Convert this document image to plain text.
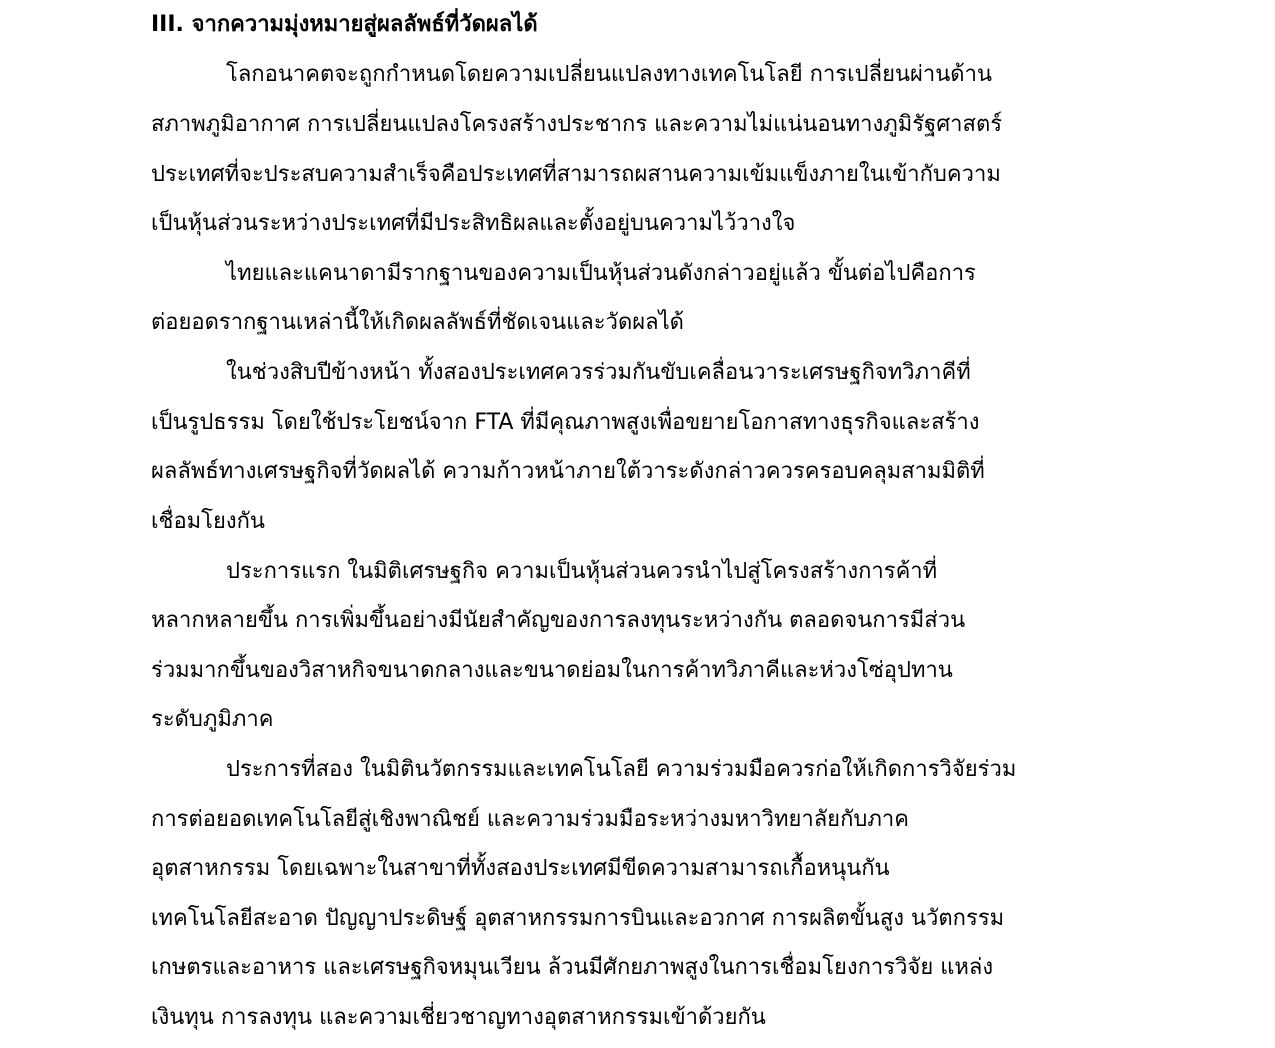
III. จากความมุ่งหมายสู่ผลลัพธ์ที่วัดผลได้
โลกอนาคตจะถูกกำหนดโดยความเปลี่ยนแปลงทางเทคโนโลยี การเปลี่ยนผ่านด้าน
สภาพภูมิอากาศ การเปลี่ยนแปลงโครงสร้างประชากร และความไม่แน่นอนทางภูมิรัฐศาสตร์
ประเทศที่จะประสบความสำเร็จคือประเทศที่สามารถผสานความเข้มแข็งภายในเข้ากับความ
เป็นหุ้นส่วนระหว่างประเทศที่มีประสิทธิผลและตั้งอยู่บนความไว้วางใจ
ไทยและแคนาดามีรากฐานของความเป็นหุ้นส่วนดังกล่าวอยู่แล้ว ขั้นต่อไปคือการ
ต่อยอดรากฐานเหล่านี้ให้เกิดผลลัพธ์ที่ชัดเจนและวัดผลได้
ในช่วงสิบปีข้างหน้า ทั้งสองประเทศควรร่วมกันขับเคลื่อนวาระเศรษฐกิจทวิภาคีที่
เป็นรูปธรรม โดยใช้ประโยชน์จาก FTA ที่มีคุณภาพสูงเพื่อขยายโอกาสทางธุรกิจและสร้าง
ผลลัพธ์ทางเศรษฐกิจที่วัดผลได้ ความก้าวหน้าภายใต้วาระดังกล่าวควรครอบคลุมสามมิติที่
เชื่อมโยงกัน
ประการแรก ในมิติเศรษฐกิจ ความเป็นหุ้นส่วนควรนำไปสู่โครงสร้างการค้าที่
หลากหลายขึ้น การเพิ่มขึ้นอย่างมีนัยสำคัญของการลงทุนระหว่างกัน ตลอดจนการมีส่วน
ร่วมมากขึ้นของวิสาหกิจขนาดกลางและขนาดย่อมในการค้าทวิภาคีและห่วงโซ่อุปทาน
ระดับภูมิภาค
ประการที่สอง ในมิตินวัตกรรมและเทคโนโลยี ความร่วมมือควรก่อให้เกิดการวิจัยร่วม
การต่อยอดเทคโนโลยีสู่เชิงพาณิชย์ และความร่วมมือระหว่างมหาวิทยาลัยกับภาค
อุตสาหกรรม โดยเฉพาะในสาขาที่ทั้งสองประเทศมีขีดความสามารถเกื้อหนุนกัน
เทคโนโลยีสะอาด ปัญญาประดิษฐ์ อุตสาหกรรมการบินและอวกาศ การผลิตขั้นสูง นวัตกรรม
เกษตรและอาหาร และเศรษฐกิจหมุนเวียน ล้วนมีศักยภาพสูงในการเชื่อมโยงการวิจัย แหล่ง
เงินทุน การลงทุน และความเชี่ยวชาญทางอุตสาหกรรมเข้าด้วยกัน
